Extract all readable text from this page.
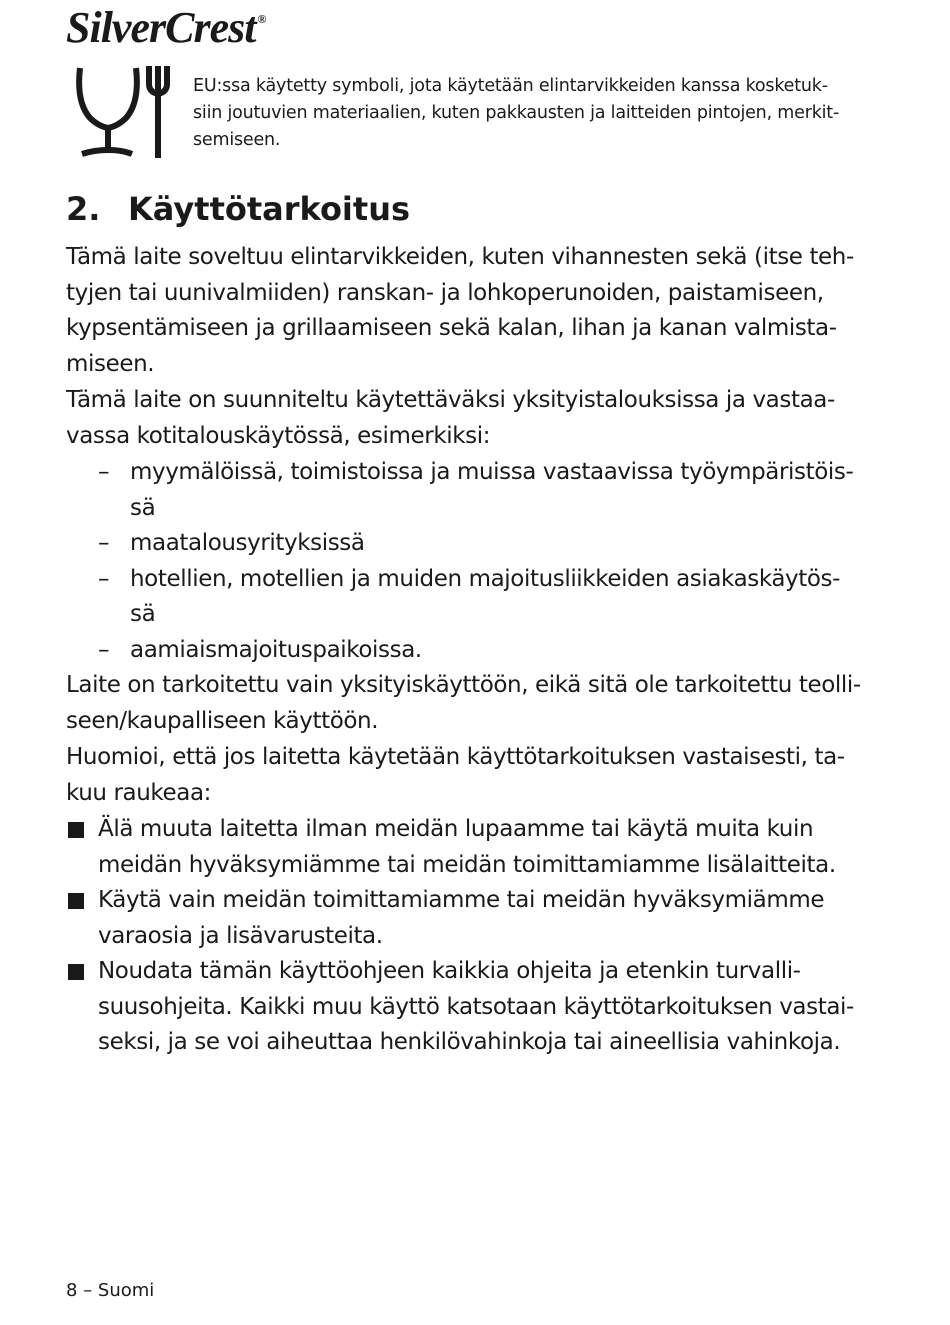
SilverCrest ®
EU:ssa käytetty symboli, jota käytetään elintarvikkeiden kanssa kosketuk-
siin joutuvien materiaalien, kuten pakkausten ja laitteiden pintojen, merkit-
semiseen.
2. Käyttötarkoitus

Tämä laite soveltuu elintarvikkeiden, kuten vihannesten sekä (itse teh-
tyjen tai uunivalmiiden) ranskan- ja lohkoperunoiden, paistamiseen,
kypsentämiseen ja grillaamiseen sekä kalan, lihan ja kanan valmista-
miseen.

Tämä laite on suunniteltu käytettäväksi yksityistalouksissa ja vastaa-
vassa kotitalouskäytössä, esimerkiksi:

– myymälöissä, toimistoissa ja muissa vastaavissa työympäristöis-
sä
– maatalousyrityksissä
– hotellien, motellien ja muiden majoitusliikkeiden asiakaskäytös-
sä
– aamiaismajoituspaikoissa.

Laite on tarkoitettu vain yksityiskäyttöön, eikä sitä ole tarkoitettu teolli-
seen/kaupalliseen käyttöön.

Huomioi, että jos laitetta käytetään käyttötarkoituksen vastaisesti, ta-
kuu raukeaa:

Älä muuta laitetta ilman meidän lupaamme tai käytä muita kuin
meidän hyväksymiämme tai meidän toimittamiamme lisälaitteita.
Käytä vain meidän toimittamiamme tai meidän hyväksymiämme
varaosia ja lisävarusteita.
Noudata tämän käyttöohjeen kaikkia ohjeita ja etenkin turvalli-
suusohjeita. Kaikki muu käyttö katsotaan käyttötarkoituksen vastai-
seksi, ja se voi aiheuttaa henkilövahinkoja tai aineellisia vahinkoja.
8 – Suomi
